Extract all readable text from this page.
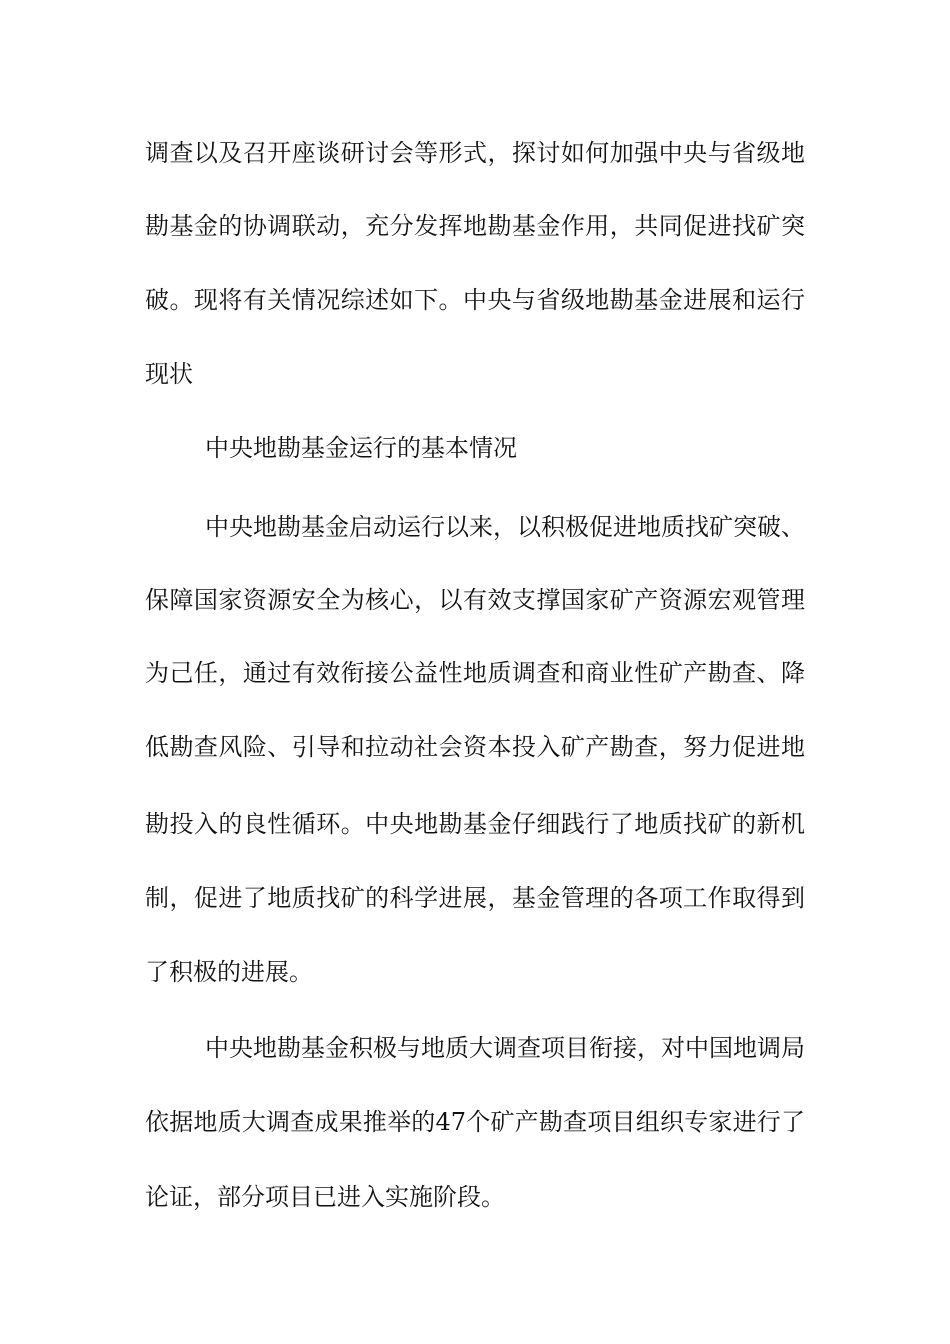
调查以及召开座谈研讨会等形式，探讨如何加强中央与省级地
勘基金的协调联动，充分发挥地勘基金作用，共同促进找矿突
破。现将有关情况综述如下。中央与省级地勘基金进展和运行
现状
中央地勘基金运行的基本情况
中央地勘基金启动运行以来，以积极促进地质找矿突破、
保障国家资源安全为核心，以有效支撑国家矿产资源宏观管理
为己任，通过有效衔接公益性地质调查和商业性矿产勘查、降
低勘查风险、引导和拉动社会资本投入矿产勘查，努力促进地
勘投入的良性循环。中央地勘基金仔细践行了地质找矿的新机
制，促进了地质找矿的科学进展，基金管理的各项工作取得到
了积极的进展。
中央地勘基金积极与地质大调查项目衔接，对中国地调局
依据地质大调查成果推举的47个矿产勘查项目组织专家进行了
论证，部分项目已进入实施阶段。
